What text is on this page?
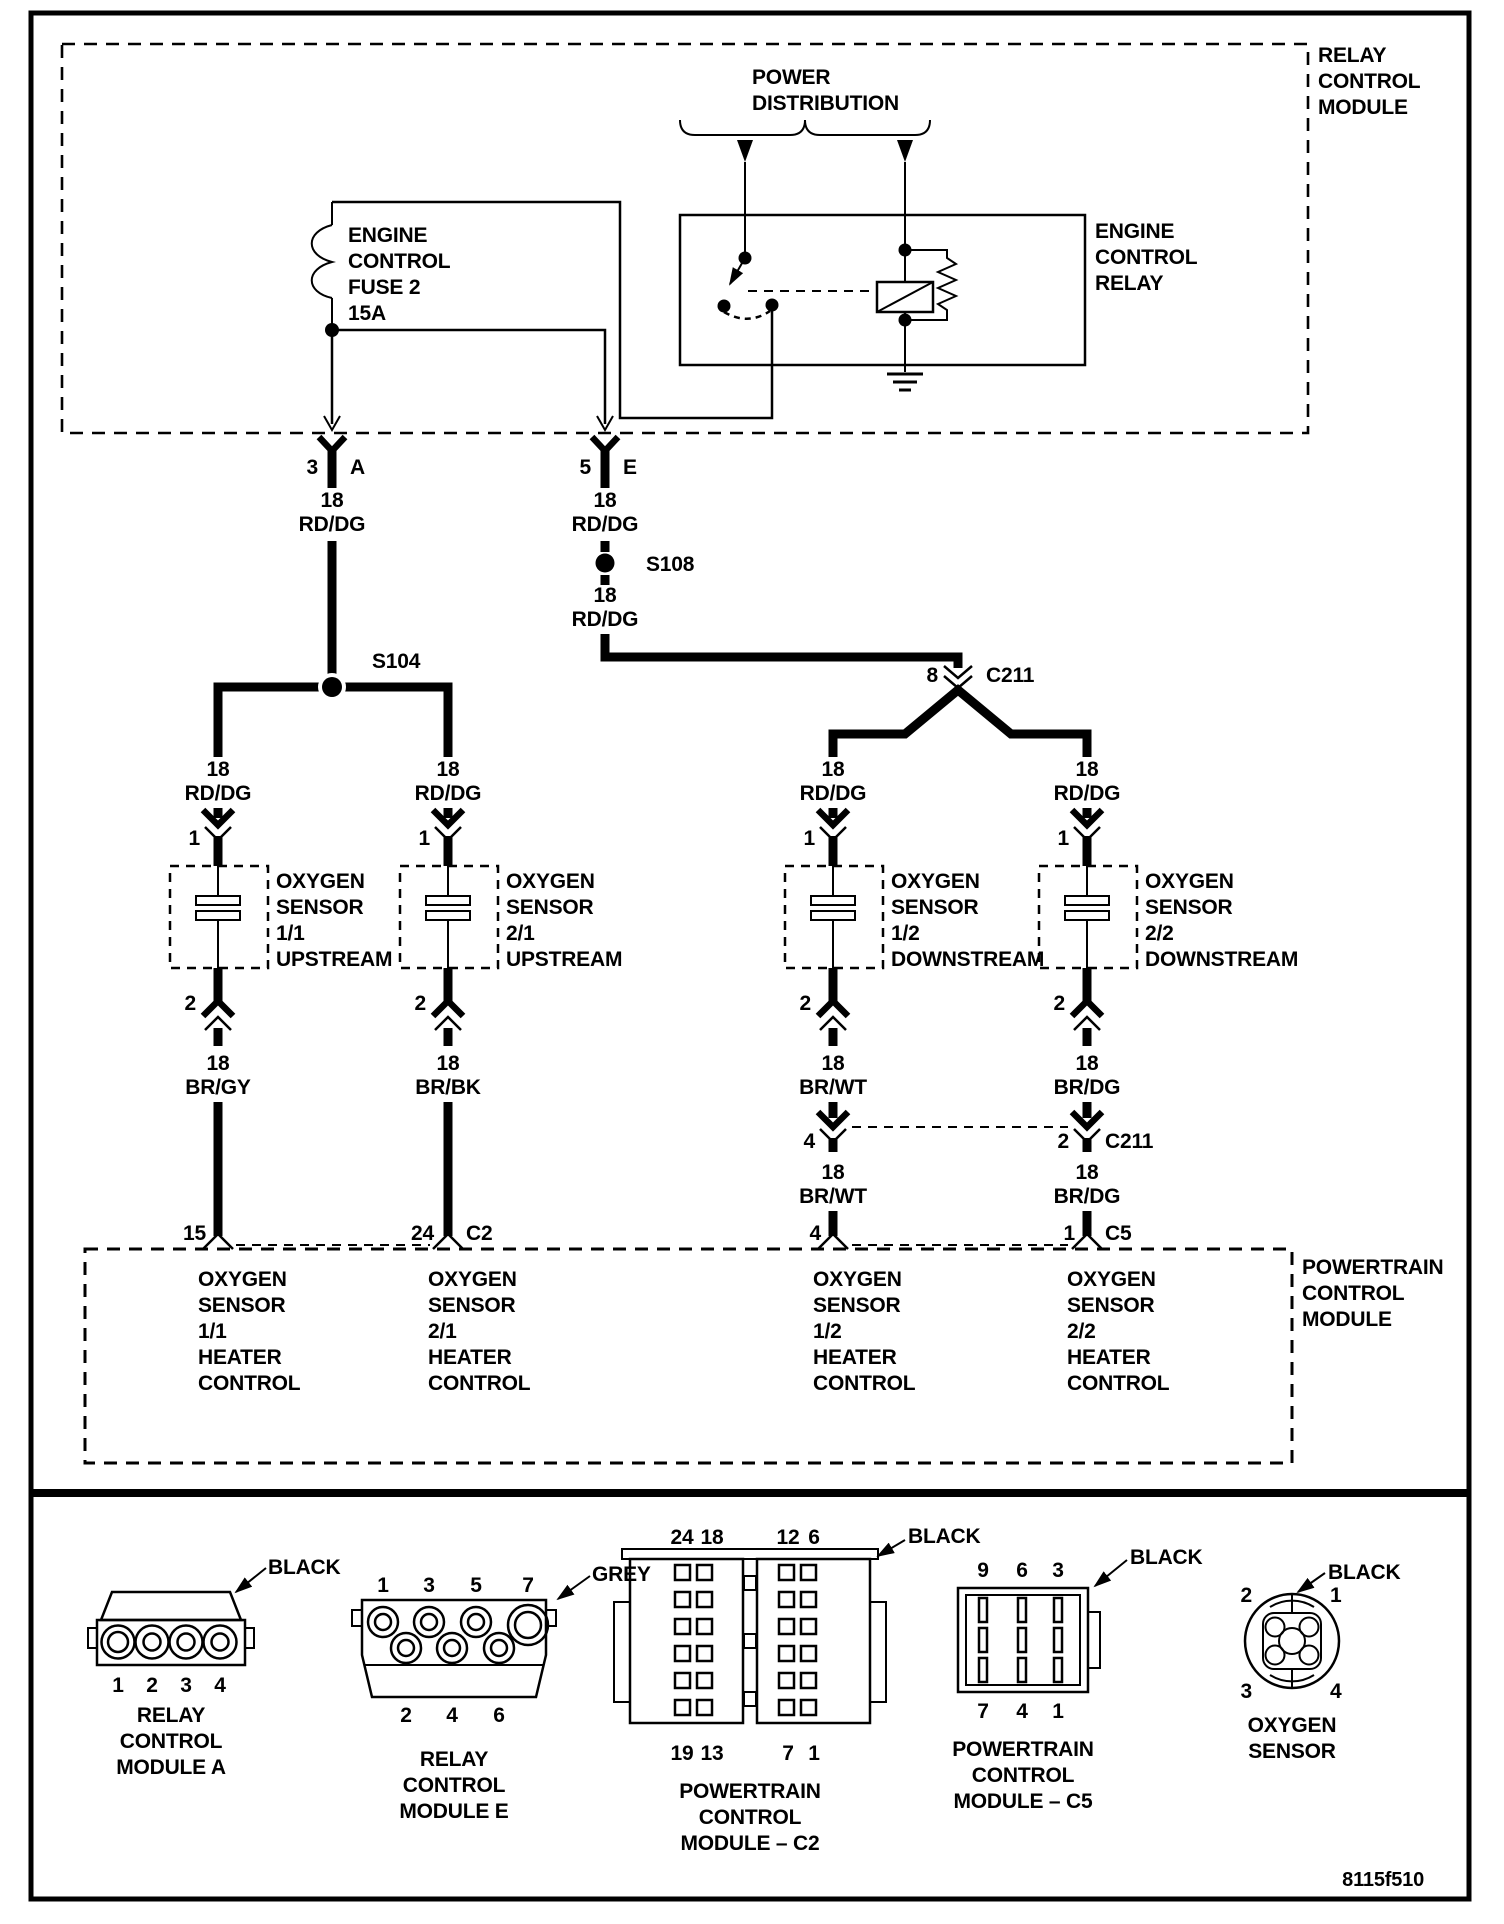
8115f510
RELAY
CONTROL
MODULE
POWER
DISTRIBUTION
ENGINE
CONTROL
RELAY
ENGINE
CONTROL
FUSE 2
15A
3 A
18
RD/DG
5 E
18
RD/DG
S108
18
RD/DG
S104
8 C211
18
RD/DG
18
RD/DG
18
RD/DG
18
RD/DG
1	1	1	1
OXYGEN
SENSOR
1/1
UPSTREAM
OXYGEN
SENSOR
2/1
UPSTREAM
OXYGEN
SENSOR
1/2
DOWNSTREAM
OXYGEN
SENSOR
2/2
DOWNSTREAM
2
18
BR/GY
15
2
18
BR/BK
24 C2
2
18
BR/WT
4
18
BR/WT
4
2
18
BR/DG
2 C211
18
BR/DG
1 C5
POWERTRAIN
CONTROL
MODULE
OXYGEN
SENSOR
1/1
HEATER
CONTROL
OXYGEN
SENSOR
2/1
HEATER
CONTROL
OXYGEN
SENSOR
1/2
HEATER
CONTROL
OXYGEN
SENSOR
2/2
HEATER
CONTROL
1 2 3 4
RELAY
CONTROL
MODULE A
BLACK
1 3 5 7
2 4 6
RELAY
CONTROL
MODULE E
GREY
24 18	12 6
19 13	7 1
POWERTRAIN
CONTROL
MODULE – C2
BLACK
9 6 3
7 4 1
POWERTRAIN
CONTROL
MODULE – C5
BLACK
2	1
3	4
OXYGEN
SENSOR
BLACK
